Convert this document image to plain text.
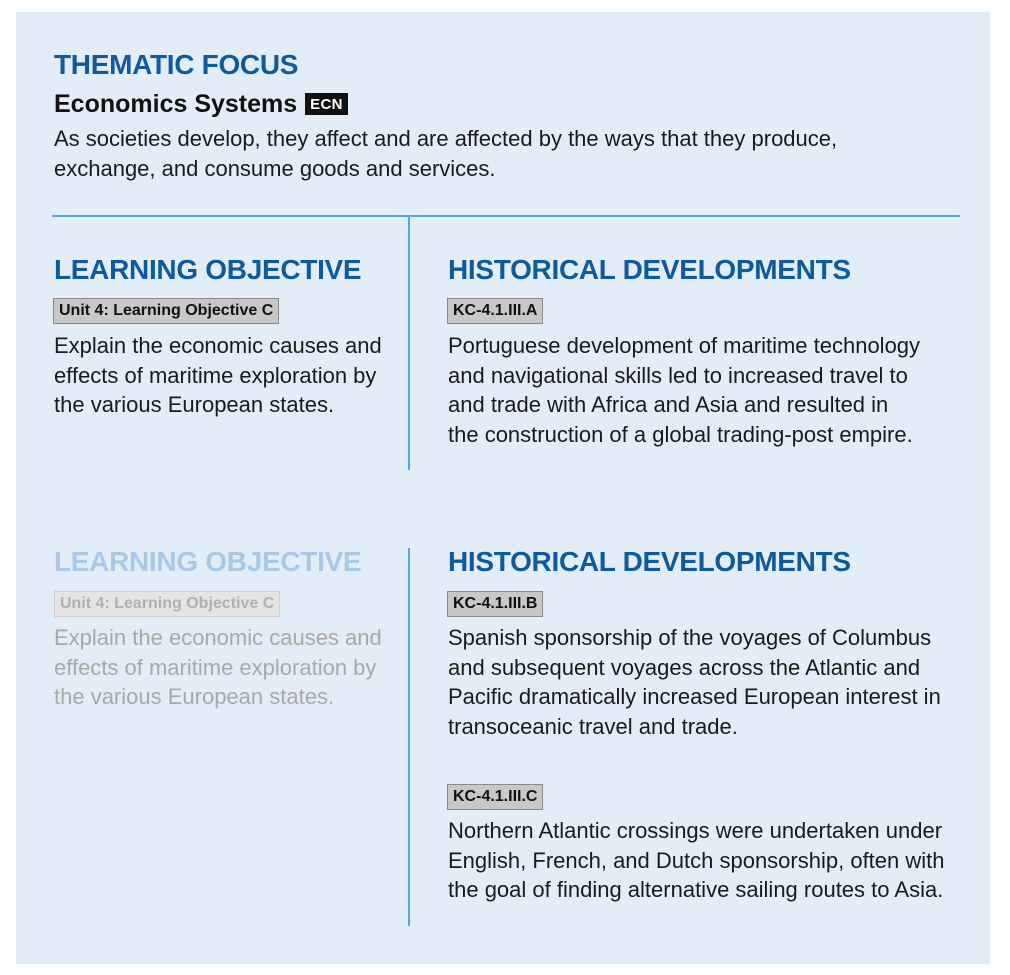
THEMATIC FOCUS
Economics Systems ECN
As societies develop, they affect and are affected by the ways that they produce, exchange, and consume goods and services.
LEARNING OBJECTIVE
Unit 4: Learning Objective C
Explain the economic causes and effects of maritime exploration by the various European states.
HISTORICAL DEVELOPMENTS
KC-4.1.III.A
Portuguese development of maritime technology and navigational skills led to increased travel to and trade with Africa and Asia and resulted in the construction of a global trading-post empire.
LEARNING OBJECTIVE
Unit 4: Learning Objective C
Explain the economic causes and effects of maritime exploration by the various European states.
HISTORICAL DEVELOPMENTS
KC-4.1.III.B
Spanish sponsorship of the voyages of Columbus and subsequent voyages across the Atlantic and Pacific dramatically increased European interest in transoceanic travel and trade.
KC-4.1.III.C
Northern Atlantic crossings were undertaken under English, French, and Dutch sponsorship, often with the goal of finding alternative sailing routes to Asia.
